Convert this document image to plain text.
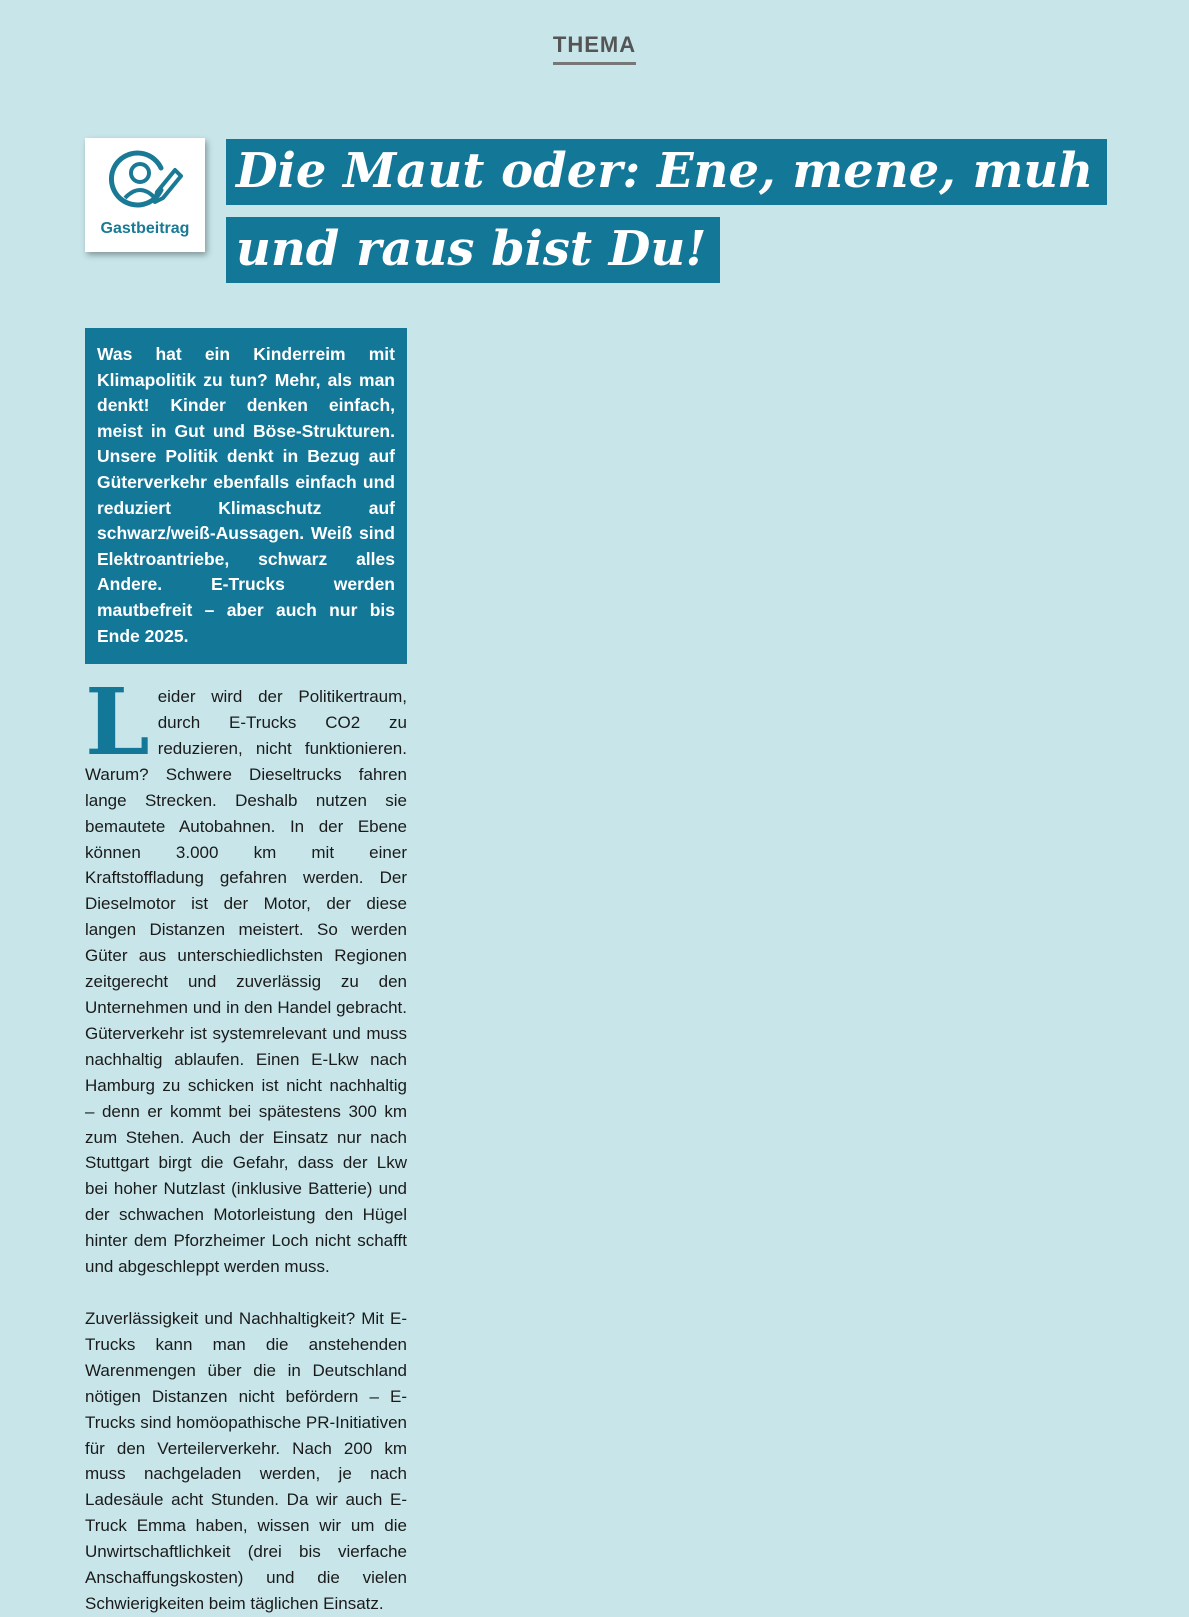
THEMA
Gastbeitrag
Die Maut oder: Ene, mene, muh
und raus bist Du!
Was hat ein Kinderreim mit Klimapolitik zu tun? Mehr, als man denkt! Kinder denken einfach, meist in Gut und Böse-Strukturen. Unsere Politik denkt in Bezug auf Güterverkehr ebenfalls einfach und reduziert Klimaschutz auf schwarz/weiß-Aussagen. Weiß sind Elektroantriebe, schwarz alles Andere. E-Trucks werden mautbefreit – aber auch nur bis Ende 2025.

Leider wird der Politikertraum, durch E-Trucks CO2 zu reduzieren, nicht funktionieren. Warum? Schwere Dieseltrucks fahren lange Strecken. Deshalb nutzen sie bemautete Autobahnen. In der Ebene können 3.000 km mit einer Kraftstoffladung gefahren werden. Der Dieselmotor ist der Motor, der diese langen Distanzen meistert. So werden Güter aus unterschiedlichsten Regionen zeitgerecht und zuverlässig zu den Unternehmen und in den Handel gebracht. Güterverkehr ist systemrelevant und muss nachhaltig ablaufen. Einen E-Lkw nach Hamburg zu schicken ist nicht nachhaltig – denn er kommt bei spätestens 300 km zum Stehen. Auch der Einsatz nur nach Stuttgart birgt die Gefahr, dass der Lkw bei hoher Nutzlast (inklusive Batterie) und der schwachen Motorleistung den Hügel hinter dem Pforzheimer Loch nicht schafft und abgeschleppt werden muss.

Zuverlässigkeit und Nachhaltigkeit? Mit E-Trucks kann man die anstehenden Warenmengen über die in Deutschland nötigen Distanzen nicht befördern – E-Trucks sind homöopathische PR-Initiativen für den Verteilerverkehr. Nach 200 km muss nachgeladen werden, je nach Ladesäule acht Stunden. Da wir auch E-Truck Emma haben, wissen wir um die Unwirtschaftlichkeit (drei bis vierfache Anschaffungskosten) und die vielen Schwierigkeiten beim täglichen Einsatz.
